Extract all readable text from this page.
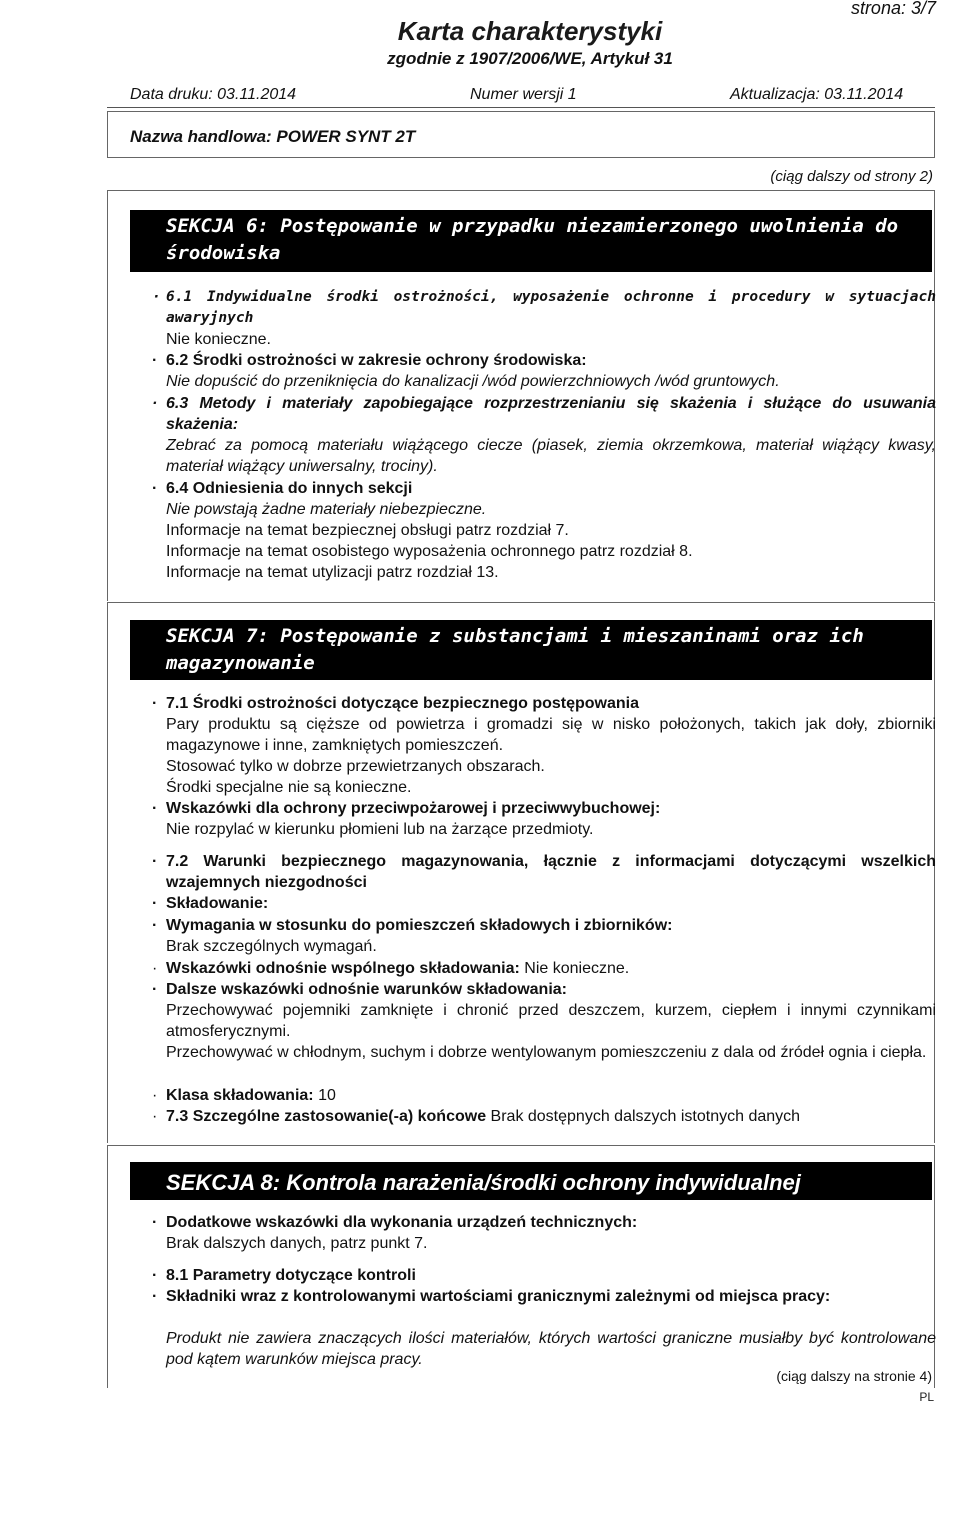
strona: 3/7
Karta charakterystyki
zgodnie z 1907/2006/WE, Artykuł 31
Data druku: 03.11.2014	Numer wersji 1	Aktualizacja: 03.11.2014
Nazwa handlowa: POWER SYNT 2T
(ciąg dalszy od strony 2)
SEKCJA 6: Postępowanie w przypadku niezamierzonego uwolnienia do środowiska
· 6.1 Indywidualne środki ostrożności, wyposażenie ochronne i procedury w sytuacjach awaryjnych
Nie konieczne.
· 6.2 Środki ostrożności w zakresie ochrony środowiska:
Nie dopuścić do przeniknięcia do kanalizacji /wód powierzchniowych /wód gruntowych.
· 6.3 Metody i materiały zapobiegające rozprzestrzenianiu się skażenia i służące do usuwania skażenia:
Zebrać za pomocą materiału wiążącego ciecze (piasek, ziemia okrzemkowa, materiał wiążący kwasy, materiał wiążący uniwersalny, trociny).
· 6.4 Odniesienia do innych sekcji
Nie powstają żadne materiały niebezpieczne.
Informacje na temat bezpiecznej obsługi patrz rozdział 7.
Informacje na temat osobistego wyposażenia ochronnego patrz rozdział 8.
Informacje na temat utylizacji patrz rozdział 13.
SEKCJA 7: Postępowanie z substancjami i mieszaninami oraz ich magazynowanie
· 7.1 Środki ostrożności dotyczące bezpiecznego postępowania
Pary produktu są cięższe od powietrza i gromadzi się w nisko położonych, takich jak doły, zbiorniki magazynowe i inne, zamkniętych pomieszczeń.
Stosować tylko w dobrze przewietrzanych obszarach.
Środki specjalne nie są konieczne.
· Wskazówki dla ochrony przeciwpożarowej i przeciwwybuchowej:
Nie rozpylać w kierunku płomieni lub na żarzące przedmioty.
· 7.2 Warunki bezpiecznego magazynowania, łącznie z informacjami dotyczącymi wszelkich wzajemnych niezgodności
· Składowanie:
· Wymagania w stosunku do pomieszczeń składowych i zbiorników:
Brak szczególnych wymagań.
· Wskazówki odnośnie wspólnego składowania: Nie konieczne.
· Dalsze wskazówki odnośnie warunków składowania:
Przechowywać pojemniki zamknięte i chronić przed deszczem, kurzem, ciepłem i innymi czynnikami atmosferycznymi.
Przechowywać w chłodnym, suchym i dobrze wentylowanym pomieszczeniu z dala od źródeł ognia i ciepła.
· Klasa składowania: 10
· 7.3 Szczególne zastosowanie(-a) końcowe Brak dostępnych dalszych istotnych danych
SEKCJA 8: Kontrola narażenia/środki ochrony indywidualnej
· Dodatkowe wskazówki dla wykonania urządzeń technicznych:
Brak dalszych danych, patrz punkt 7.
· 8.1 Parametry dotyczące kontroli
· Składniki wraz z kontrolowanymi wartościami granicznymi zależnymi od miejsca pracy:
Produkt nie zawiera znaczących ilości materiałów, których wartości graniczne musiałby być kontrolowane pod kątem warunków miejsca pracy.
(ciąg dalszy na stronie 4)
PL
